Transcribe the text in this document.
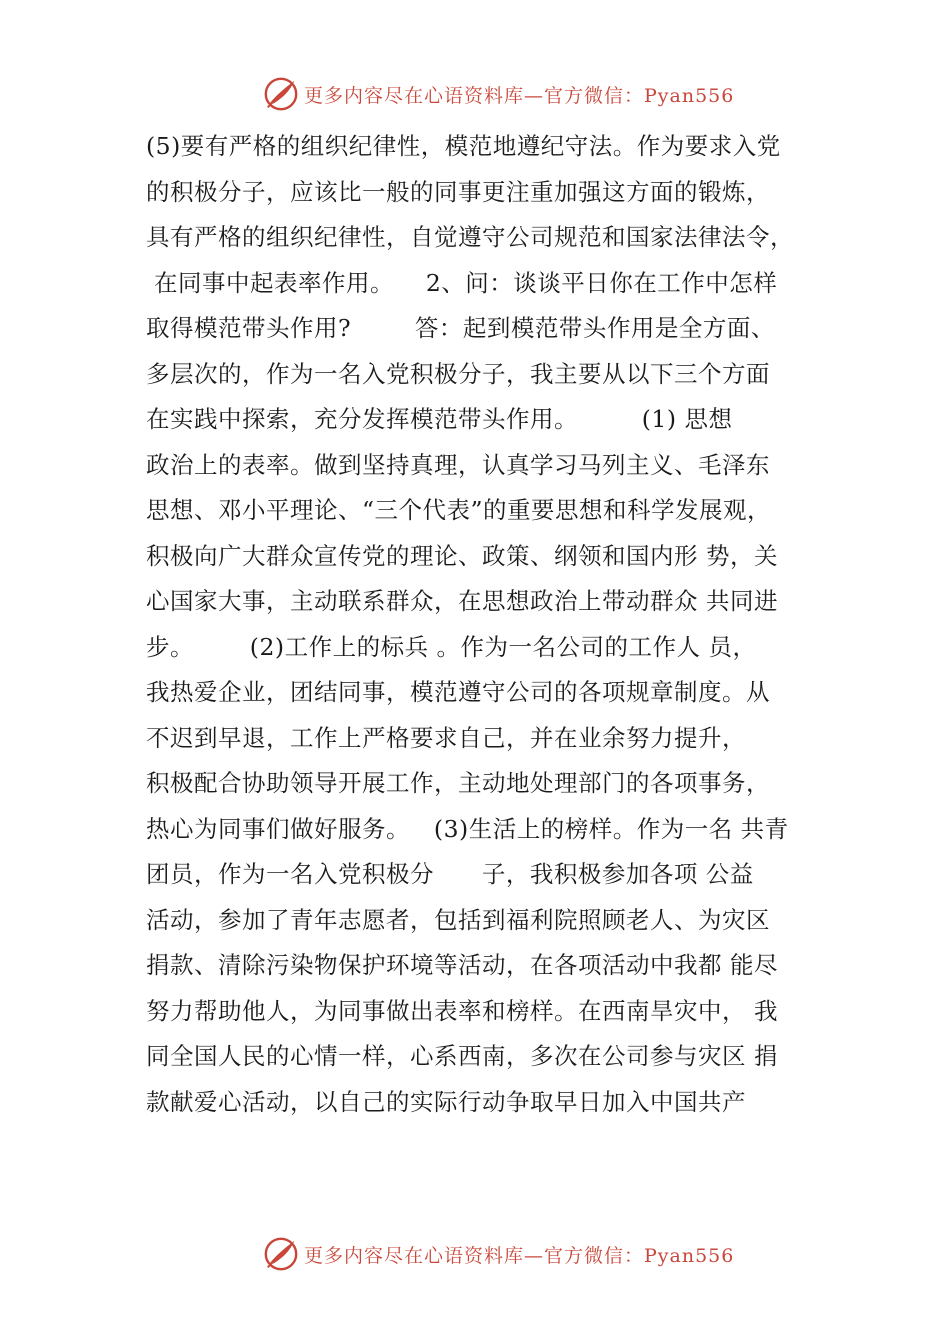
更多内容尽在心语资料库—官方微信：Pyan556
(5)要有严格的组织纪律性，模范地遵纪守法。作为要求入党
的积极分子，应该比一般的同事更注重加强这方面的锻炼，
具有严格的组织纪律性，自觉遵守公司规范和国家法律法令，
在同事中起表率作用。    2、问：谈谈平日你在工作中怎样
取得模范带头作用?        答：起到模范带头作用是全方面、
多层次的，作为一名入党积极分子，我主要从以下三个方面
在实践中探索，充分发挥模范带头作用。        (1) 思想
政治上的表率。做到坚持真理，认真学习马列主义、毛泽东
思想、邓小平理论、“三个代表”的重要思想和科学发展观，
积极向广大群众宣传党的理论、政策、纲领和国内形 势，关
心国家大事，主动联系群众，在思想政治上带动群众 共同进
步。       (2)工作上的标兵 。作为一名公司的工作人 员，
我热爱企业，团结同事，模范遵守公司的各项规章制度。从
不迟到早退，工作上严格要求自己，并在业余努力提升，
积极配合协助领导开展工作，主动地处理部门的各项事务，
热心为同事们做好服务。   (3)生活上的榜样。作为一名 共青
团员，作为一名入党积极分      子，我积极参加各项 公益
活动，参加了青年志愿者，包括到福利院照顾老人、为灾区
捐款、清除污染物保护环境等活动，在各项活动中我都 能尽
努力帮助他人，为同事做出表率和榜样。在西南旱灾中， 我
同全国人民的心情一样，心系西南，多次在公司参与灾区 捐
款献爱心活动，以自己的实际行动争取早日加入中国共产
更多内容尽在心语资料库—官方微信：Pyan556
